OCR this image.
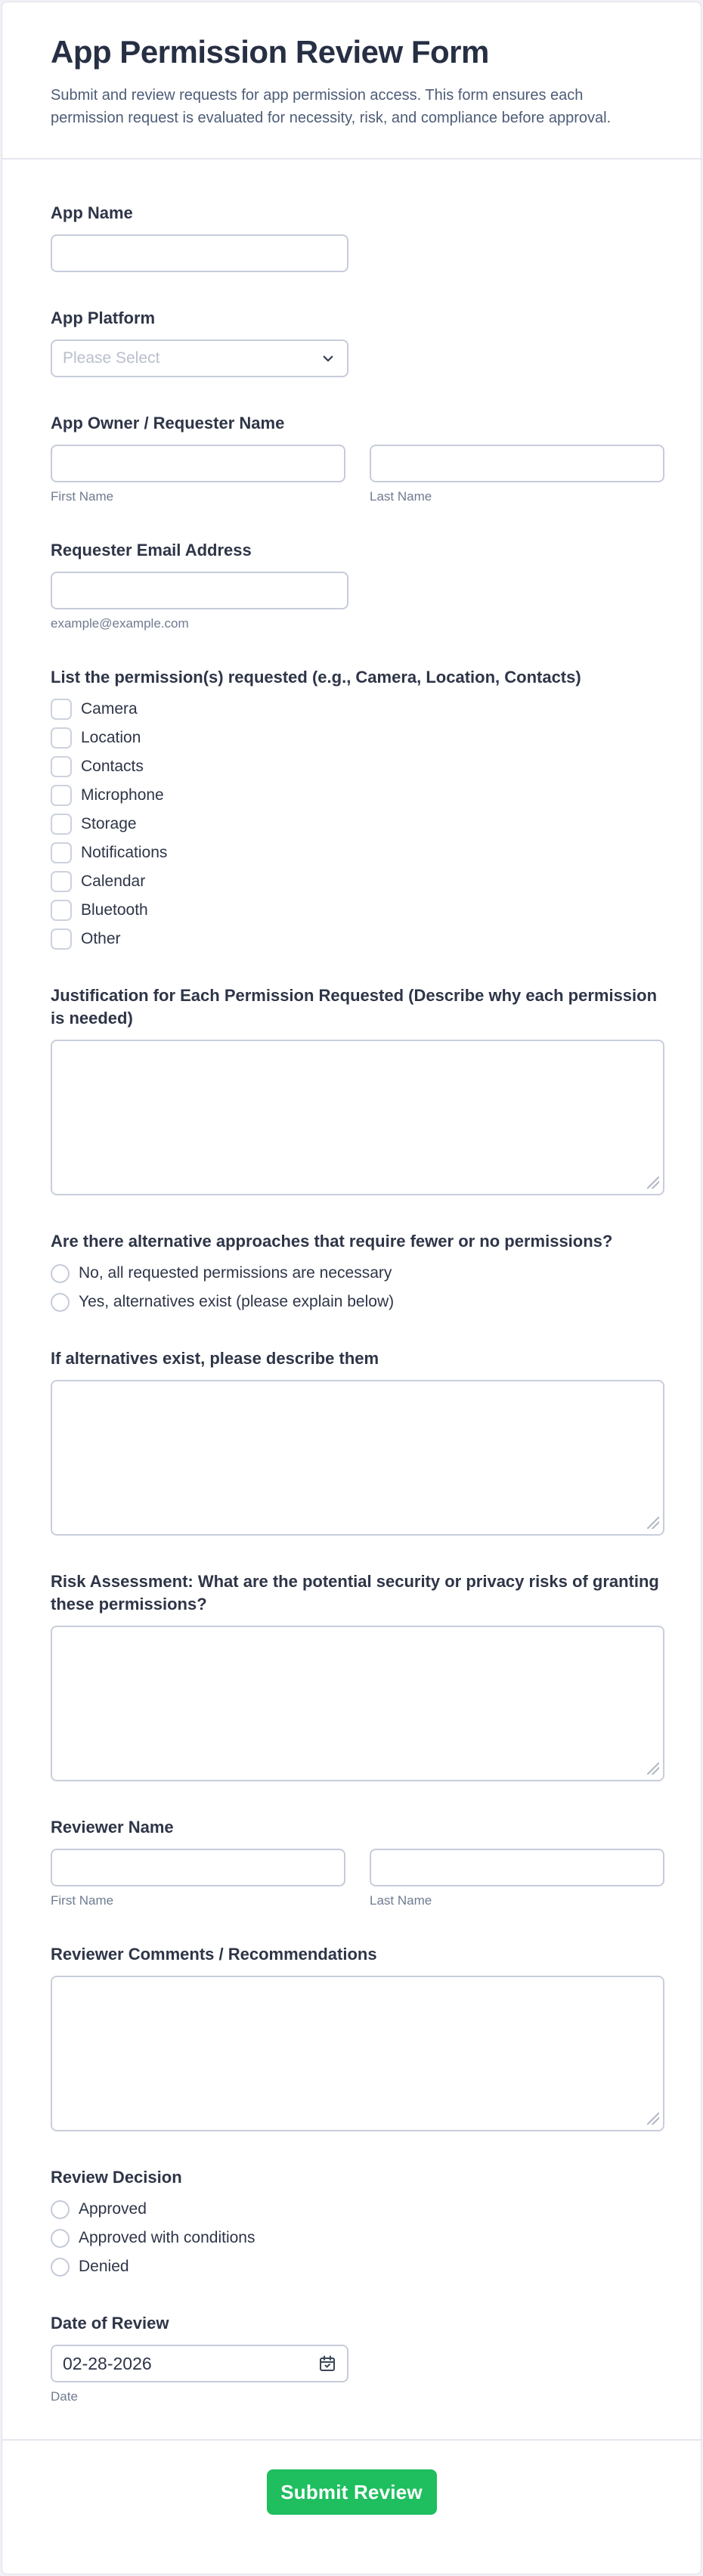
App Permission Review Form
Submit and review requests for app permission access. This form ensures each permission request is evaluated for necessity, risk, and compliance before approval.
App Name
App Platform
Please Select
App Owner / Requester Name
First Name	Last Name
Requester Email Address
example@example.com
List the permission(s) requested (e.g., Camera, Location, Contacts)
Camera
Location
Contacts
Microphone
Storage
Notifications
Calendar
Bluetooth
Other
Justification for Each Permission Requested (Describe why each permission is needed)
Are there alternative approaches that require fewer or no permissions?
No, all requested permissions are necessary
Yes, alternatives exist (please explain below)
If alternatives exist, please describe them
Risk Assessment: What are the potential security or privacy risks of granting these permissions?
Reviewer Name
First Name	Last Name
Reviewer Comments / Recommendations
Review Decision
Approved
Approved with conditions
Denied
Date of Review
02-28-2026
Date
Submit Review
